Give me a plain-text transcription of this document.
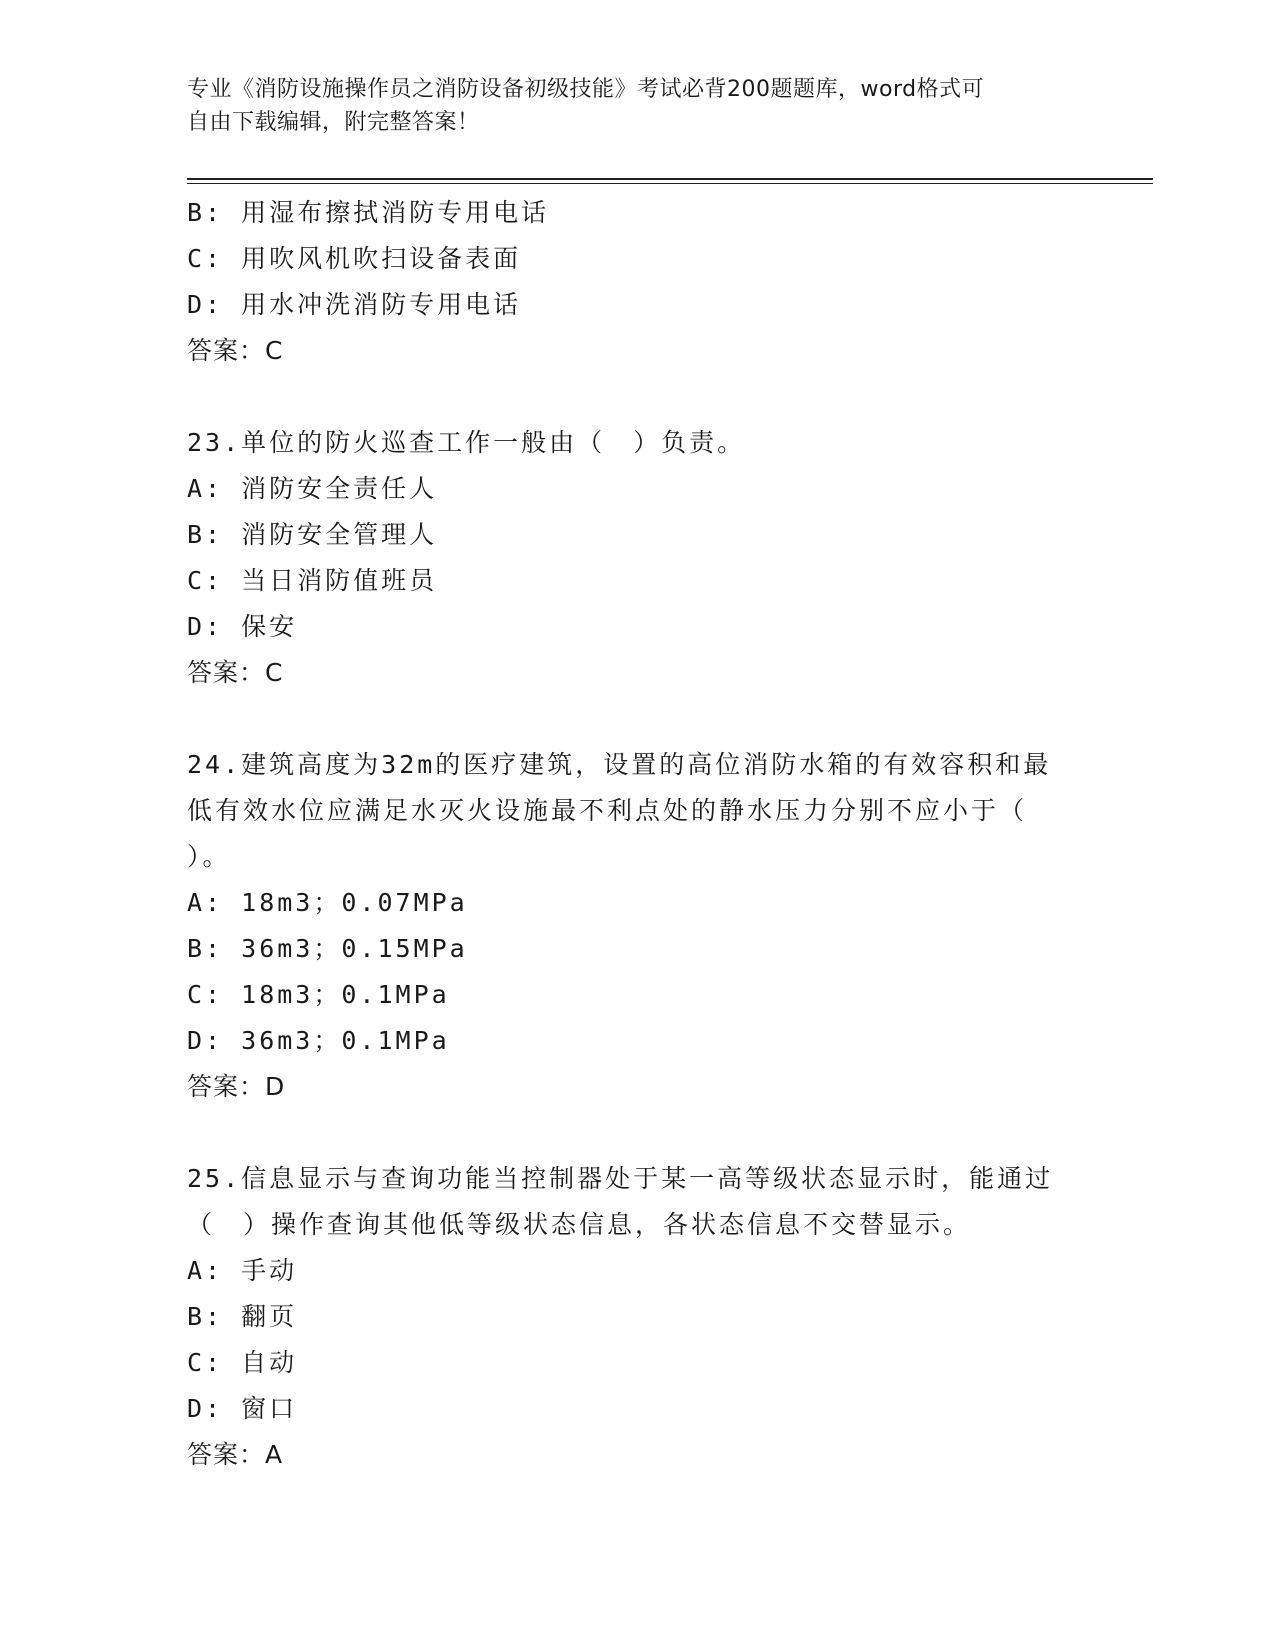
专业《消防设施操作员之消防设备初级技能》考试必背200题题库，word格式可
自由下载编辑，附完整答案！
B: 用湿布擦拭消防专用电话
C: 用吹风机吹扫设备表面
D: 用水冲洗消防专用电话
答案：C
23.单位的防火巡查工作一般由（　）负责。
A: 消防安全责任人
B: 消防安全管理人
C: 当日消防值班员
D: 保安
答案：C
24.建筑高度为32m的医疗建筑，设置的高位消防水箱的有效容积和最
低有效水位应满足水灭火设施最不利点处的静水压力分别不应小于（
）。
A: 18m3；0.07MPa
B: 36m3；0.15MPa
C: 18m3；0.1MPa
D: 36m3；0.1MPa
答案：D
25.信息显示与查询功能当控制器处于某一高等级状态显示时，能通过
（　）操作查询其他低等级状态信息，各状态信息不交替显示。
A: 手动
B: 翻页
C: 自动
D: 窗口
答案：A
